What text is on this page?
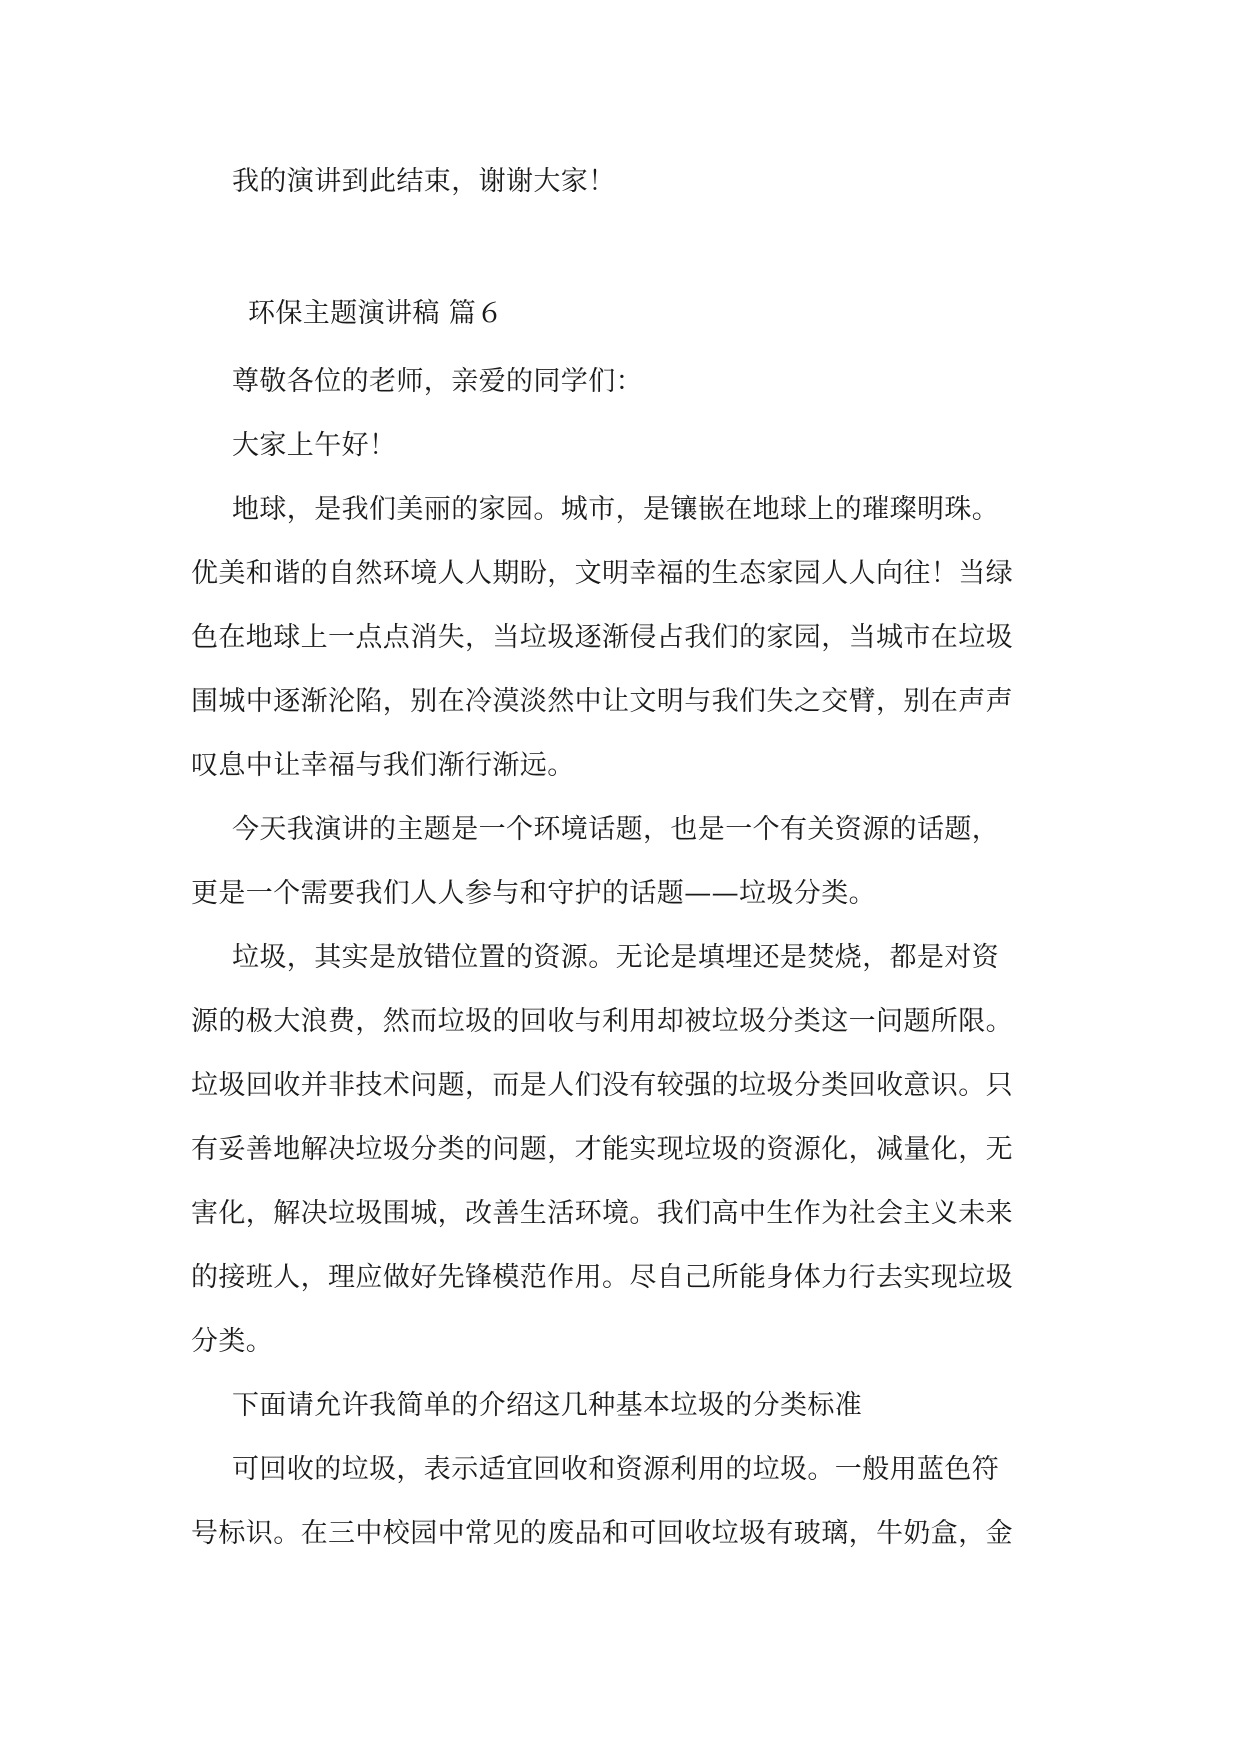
我的演讲到此结束，谢谢大家！
环保主题演讲稿 篇６
尊敬各位的老师，亲爱的同学们：
大家上午好！
地球，是我们美丽的家园。城市，是镶嵌在地球上的璀璨明珠。
优美和谐的自然环境人人期盼，文明幸福的生态家园人人向往！当绿
色在地球上一点点消失，当垃圾逐渐侵占我们的家园，当城市在垃圾
围城中逐渐沦陷，别在冷漠淡然中让文明与我们失之交臂，别在声声
叹息中让幸福与我们渐行渐远。
今天我演讲的主题是一个环境话题，也是一个有关资源的话题，
更是一个需要我们人人参与和守护的话题——垃圾分类。
垃圾，其实是放错位置的资源。无论是填埋还是焚烧，都是对资
源的极大浪费，然而垃圾的回收与利用却被垃圾分类这一问题所限。
垃圾回收并非技术问题，而是人们没有较强的垃圾分类回收意识。只
有妥善地解决垃圾分类的问题，才能实现垃圾的资源化，减量化，无
害化，解决垃圾围城，改善生活环境。我们高中生作为社会主义未来
的接班人，理应做好先锋模范作用。尽自己所能身体力行去实现垃圾
分类。
下面请允许我简单的介绍这几种基本垃圾的分类标准
可回收的垃圾，表示适宜回收和资源利用的垃圾。一般用蓝色符
号标识。在三中校园中常见的废品和可回收垃圾有玻璃，牛奶盒，金
